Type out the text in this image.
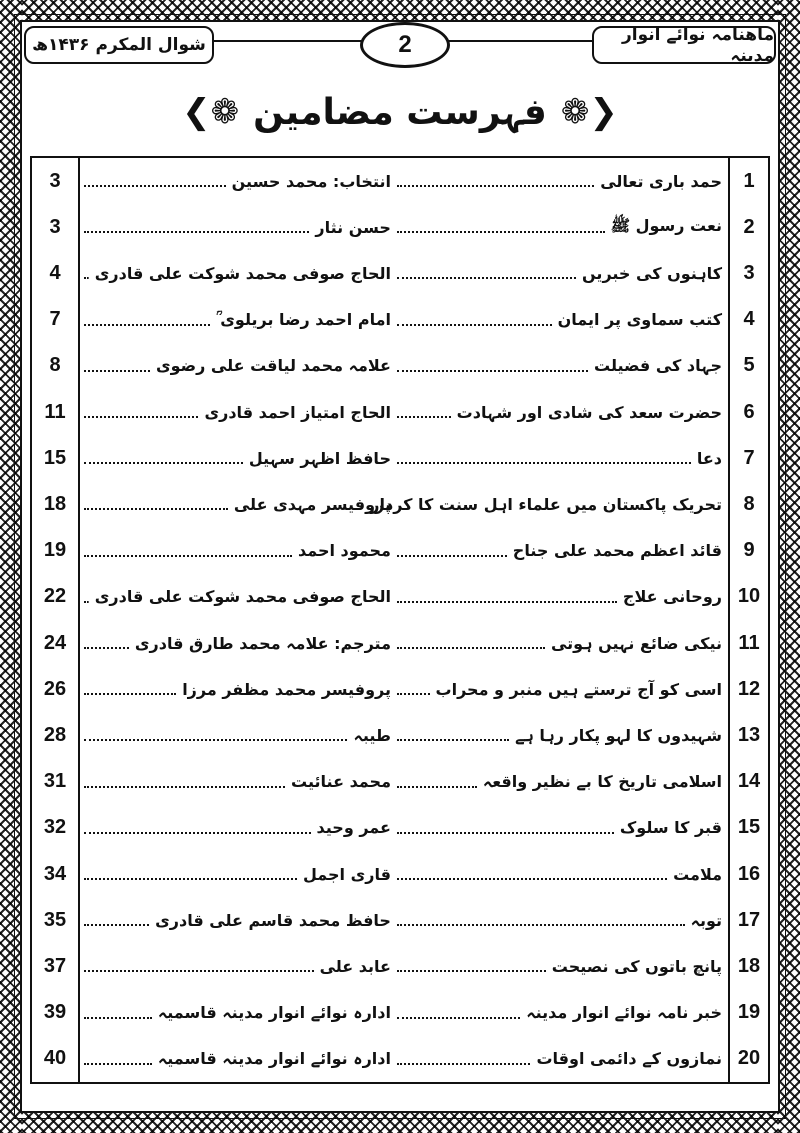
ماھنامہ نوائے انوار مدینہ
2
شوال المکرم ۱۴۳۶ھ
❮❁ فہرست مضامین ❁❯
1
حمد باری تعالی
انتخاب: محمد حسین
3
2
نعت رسول ﷺ
حسن نثار
3
3
کاہنوں کی خبریں
الحاج صوفی محمد شوکت علی قادری
4
4
کتب سماوی پر ایمان
امام احمد رضا بریلوی ؒ
7
5
جہاد کی فضیلت
علامہ محمد لیاقت علی رضوی
8
6
حضرت سعد کی شادی اور شہادت
الحاج امتیاز احمد قادری
11
7
دعا
حافظ اظہر سہیل
15
8
تحریک پاکستان میں علماء اہل سنت کا کردار
پروفیسر مہدی علی
18
9
قائد اعظم محمد علی جناح
محمود احمد
19
10
روحانی علاج
الحاج صوفی محمد شوکت علی قادری
22
11
نیکی ضائع نہیں ہوتی
مترجم: علامہ محمد طارق قادری
24
12
اسی کو آج ترستے ہیں منبر و محراب
پروفیسر محمد مظفر مرزا
26
13
شہیدوں کا لہو پکار رہا ہے
طیبہ
28
14
اسلامی تاریخ کا بے نظیر واقعہ
محمد عنائیت
31
15
قبر کا سلوک
عمر وحید
32
16
ملامت
قاری اجمل
34
17
توبہ
حافظ محمد قاسم علی قادری
35
18
پانچ باتوں کی نصیحت
عابد علی
37
19
خبر نامہ نوائے انوار مدینہ
ادارہ نوائے انوار مدینہ قاسمیہ
39
20
نمازوں کے دائمی اوقات
ادارہ نوائے انوار مدینہ قاسمیہ
40
